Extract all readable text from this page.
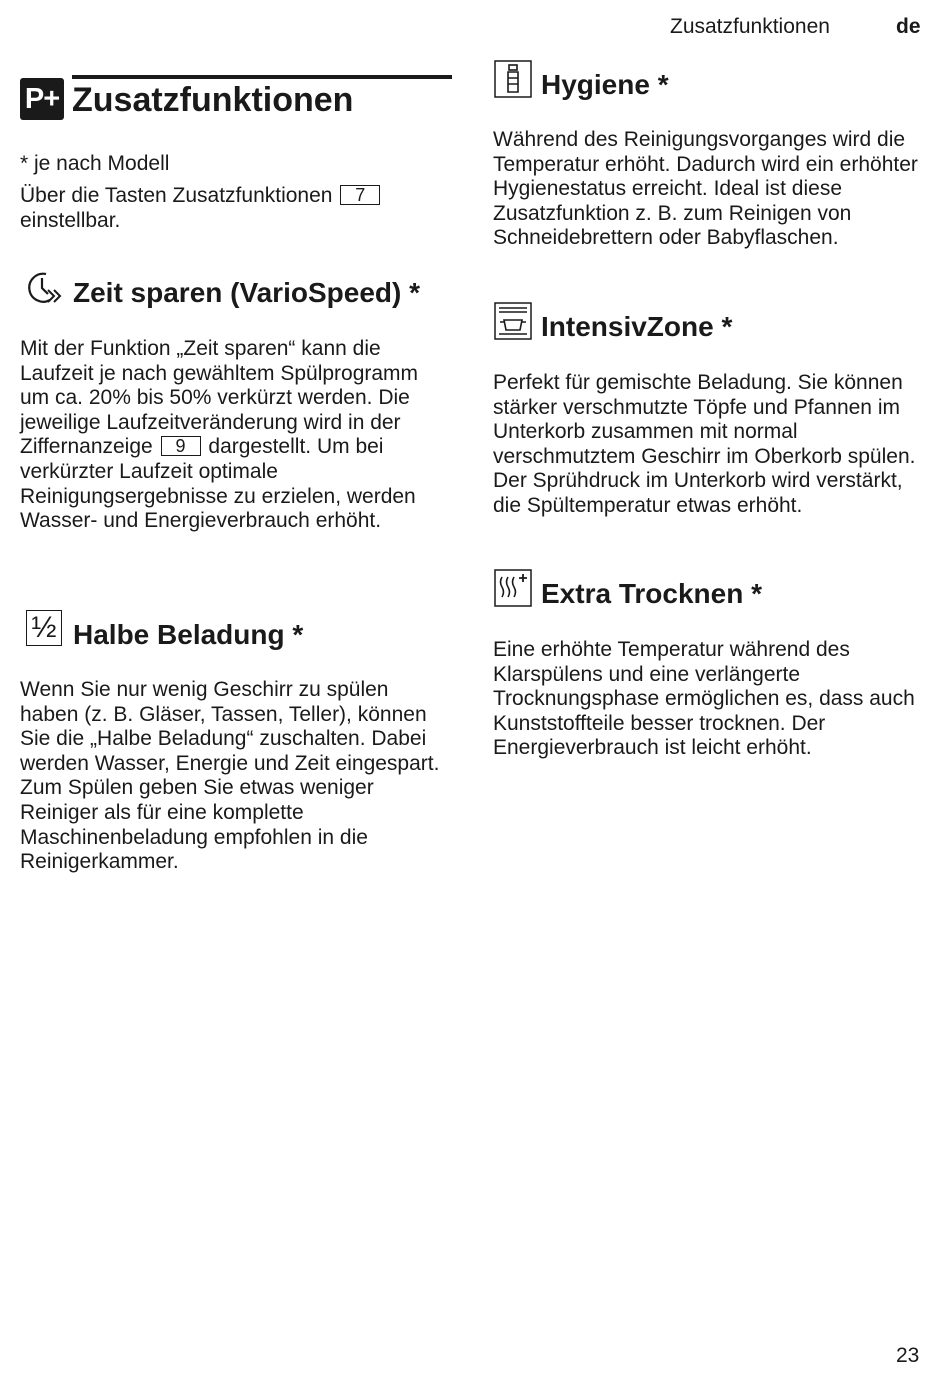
Zusatzfunktionen	de
P+ Zusatzfunktionen

* je nach Modell

Über die Tasten Zusatzfunktionen 7 einstellbar.

Zeit sparen (VarioSpeed) *

Mit der Funktion „Zeit sparen“ kann die Laufzeit je nach gewähltem Spülprogramm um ca. 20% bis 50% verkürzt werden. Die jeweilige Laufzeitveränderung wird in der Ziffernanzeige 9 dargestellt. Um bei verkürzter Laufzeit optimale Reinigungsergebnisse zu erzielen, werden Wasser- und Energieverbrauch erhöht.

½ Halbe Beladung *

Wenn Sie nur wenig Geschirr zu spülen haben (z. B. Gläser, Tassen, Teller), können Sie die „Halbe Beladung“ zuschalten. Dabei werden Wasser, Energie und Zeit eingespart. Zum Spülen geben Sie etwas weniger Reiniger als für eine komplette Maschinenbeladung empfohlen in die Reinigerkammer.

Hygiene *

Während des Reinigungsvorganges wird die Temperatur erhöht. Dadurch wird ein erhöhter Hygienestatus erreicht. Ideal ist diese Zusatzfunktion z. B. zum Reinigen von Schneidebrettern oder Babyflaschen.

IntensivZone *

Perfekt für gemischte Beladung. Sie können stärker verschmutzte Töpfe und Pfannen im Unterkorb zusammen mit normal verschmutztem Geschirr im Oberkorb spülen. Der Sprühdruck im Unterkorb wird verstärkt, die Spültemperatur etwas erhöht.

Extra Trocknen *

Eine erhöhte Temperatur während des Klarspülens und eine verlängerte Trocknungsphase ermöglichen es, dass auch Kunststoffteile besser trocknen. Der Energieverbrauch ist leicht erhöht.

23
